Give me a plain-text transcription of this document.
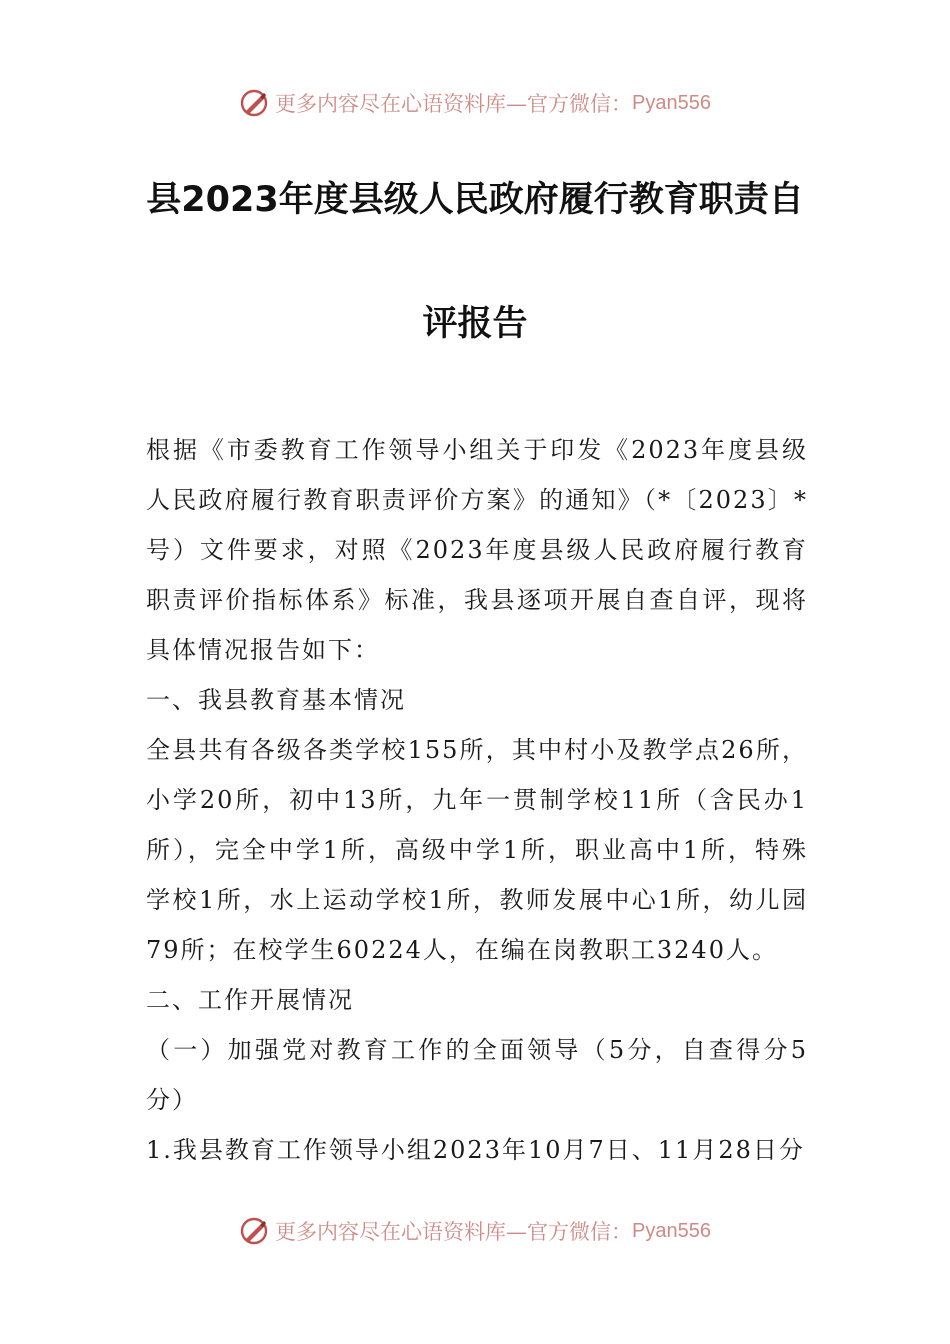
更多内容尽在心语资料库—官方微信： Pyan556
县2023年度县级人民政府履行教育职责自
评报告

根据《市委教育工作领导小组关于印发《2023年度县级人民政府履行教育职责评价方案》的通知》（*〔2023〕*号）文件要求，对照《2023年度县级人民政府履行教育职责评价指标体系》标准，我县逐项开展自查自评，现将具体情况报告如下：

一、我县教育基本情况

全县共有各级各类学校155所，其中村小及教学点26所，小学20所，初中13所，九年一贯制学校11所（含民办1所），完全中学1所，高级中学1所，职业高中1所，特殊学校1所，水上运动学校1所，教师发展中心1所，幼儿园79所；在校学生60224人，在编在岗教职工3240人。

二、工作开展情况

（一）加强党对教育工作的全面领导（5分，自查得分5分）

1.我县教育工作领导小组2023年10月7日、11月28日分

更多内容尽在心语资料库—官方微信： Pyan556
